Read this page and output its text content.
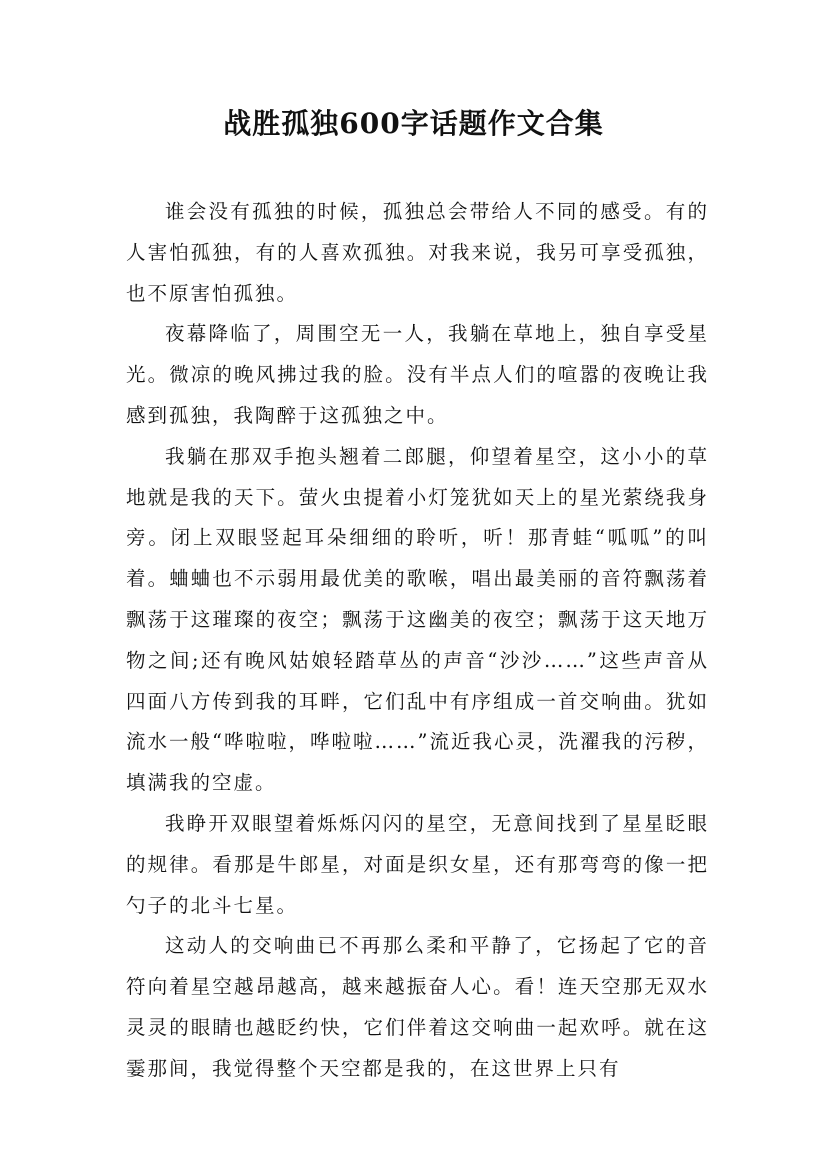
战胜孤独600字话题作文合集

谁会没有孤独的时候，孤独总会带给人不同的感受。有的人害怕孤独，有的人喜欢孤独。对我来说，我另可享受孤独，也不原害怕孤独。

夜幕降临了，周围空无一人，我躺在草地上，独自享受星光。微凉的晚风拂过我的脸。没有半点人们的喧嚣的夜晚让我感到孤独，我陶醉于这孤独之中。

我躺在那双手抱头翘着二郎腿，仰望着星空，这小小的草地就是我的天下。萤火虫提着小灯笼犹如天上的星光萦绕我身旁。闭上双眼竖起耳朵细细的聆听，听！那青蛙“呱呱”的叫着。蛐蛐也不示弱用最优美的歌喉，唱出最美丽的音符飘荡着飘荡于这璀璨的夜空；飘荡于这幽美的夜空；飘荡于这天地万物之间;还有晚风姑娘轻踏草丛的声音“沙沙……”这些声音从四面八方传到我的耳畔，它们乱中有序组成一首交响曲。犹如流水一般“哗啦啦，哗啦啦……”流近我心灵，洗濯我的污秽，填满我的空虚。

我睁开双眼望着烁烁闪闪的星空，无意间找到了星星眨眼的规律。看那是牛郎星，对面是织女星，还有那弯弯的像一把勺子的北斗七星。

这动人的交响曲已不再那么柔和平静了，它扬起了它的音符向着星空越昂越高，越来越振奋人心。看！连天空那无双水灵灵的眼睛也越眨约快，它们伴着这交响曲一起欢呼。就在这霎那间，我觉得整个天空都是我的，在这世界上只有
